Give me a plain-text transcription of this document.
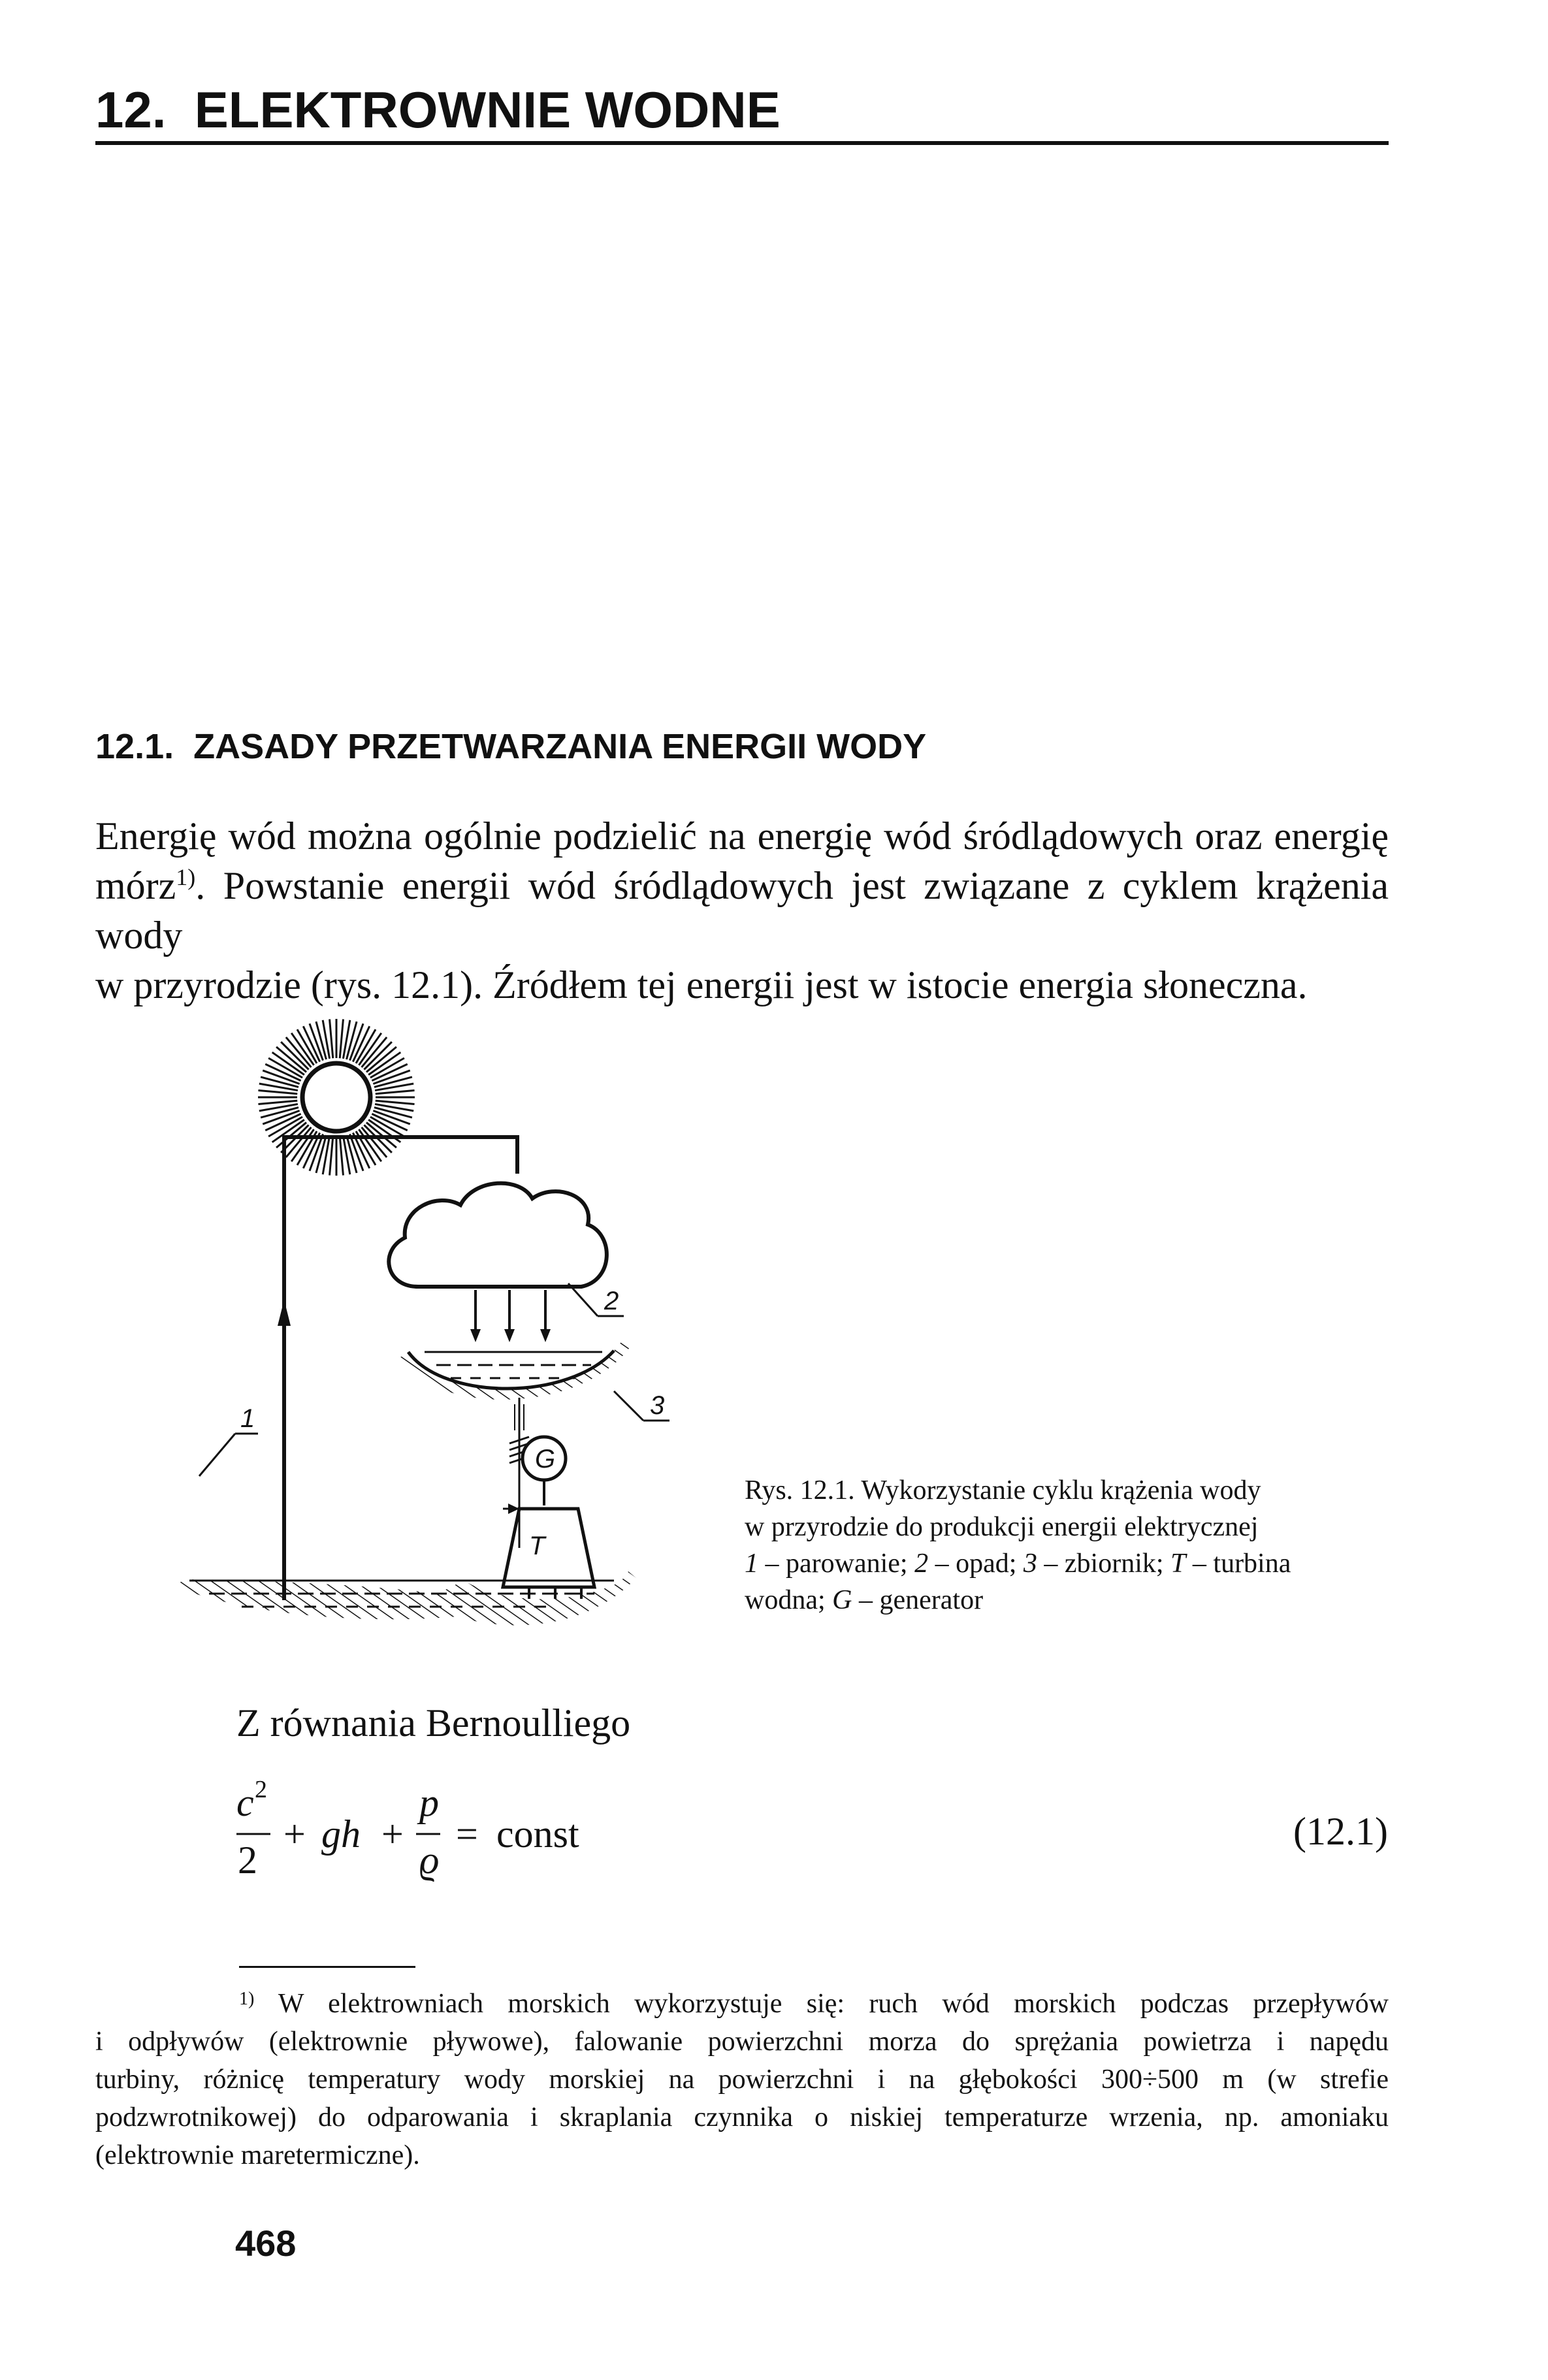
12.  ELEKTROWNIE WODNE
12.1.  ZASADY PRZETWARZANIA ENERGII WODY
Energię wód można ogólnie podzielić na energię wód śródlądowych oraz energię
mórz$^{1)}$. Powstanie energii wód śródlądowych jest związane z cyklem krążenia wody
w przyrodzie (rys. 12.1). Źródłem tej energii jest w istocie energia słoneczna.
2
3
G
T
1
Rys. 12.1. Wykorzystanie cyklu krążenia wody
w przyrodzie do produkcji energii elektrycznej
1 – parowanie; 2 – opad; 3 – zbiornik; T – turbina
wodna; G – generator
Z równania Bernoulliego
c 2
2
+ gh +
p
ϱ
= const	(12.1)
$^{1)}$ W elektrowniach morskich wykorzystuje się: ruch wód morskich podczas przepływów
i odpływów (elektrownie pływowe), falowanie powierzchni morza do sprężania powietrza i napędu
turbiny, różnicę temperatury wody morskiej na powierzchni i na głębokości 300÷500 m (w strefie
podzwrotnikowej) do odparowania i skraplania czynnika o niskiej temperaturze wrzenia, np. amoniaku
(elektrownie maretermiczne).
468
